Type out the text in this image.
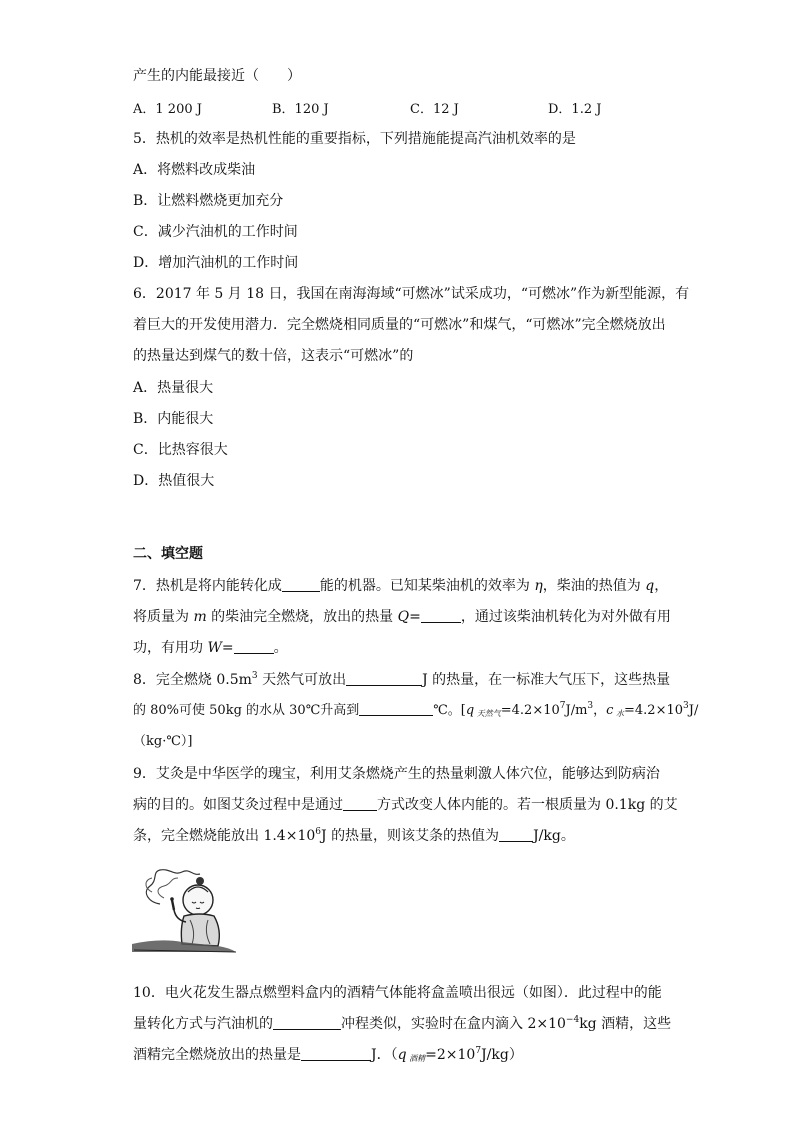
产生的内能最接近（　　）
A．1 200 J	B．120 J	C．12 J	D．1.2 J
5．热机的效率是热机性能的重要指标，下列措施能提高汽油机效率的是
A．将燃料改成柴油
B．让燃料燃烧更加充分
C．减少汽油机的工作时间
D．增加汽油机的工作时间
6．2017 年 5 月 18 日，我国在南海海域“可燃冰”试采成功，“可燃冰”作为新型能源，有
着巨大的开发使用潜力．完全燃烧相同质量的“可燃冰”和煤气，“可燃冰”完全燃烧放出
的热量达到煤气的数十倍，这表示“可燃冰”的
A．热量很大
B．内能很大
C．比热容很大
D．热值很大
二、填空题
7．热机是将内能转化成	能的机器。已知某柴油机的效率为 η，柴油的热值为 q，
将质量为 m 的柴油完全燃烧，放出的热量 Q=	，通过该柴油机转化为对外做有用
功，有用功 W=	。
8．完全燃烧 $0.5m^3$ 天然气可放出	J 的热量，在一标准大气压下，这些热量
的 80%可使 50kg 的水从 30℃升高到	℃。[q $_{天然气}=4.2\times 10^7J/m^3$，c $_水=4.2\times 10^3J/$
（kg·℃）]
9．艾灸是中华医学的瑰宝，利用艾条燃烧产生的热量刺激人体穴位，能够达到防病治
病的目的。如图艾灸过程中是通过 方式改变人体内能的。若一根质量为 0.1kg 的艾
条，完全燃烧能放出 $1.4\times 10^6J$ 的热量，则该艾条的热值为 J/kg。
10．电火花发生器点燃塑料盒内的酒精气体能将盒盖喷出很远（如图）．此过程中的能
量转化方式与汽油机的	冲程类似，实验时在盒内滴入 $2\times 10^{-4}kg$ 酒精，这些
酒精完全燃烧放出的热量是	J．（q $_{酒精}=2\times 10^7J/kg$）
